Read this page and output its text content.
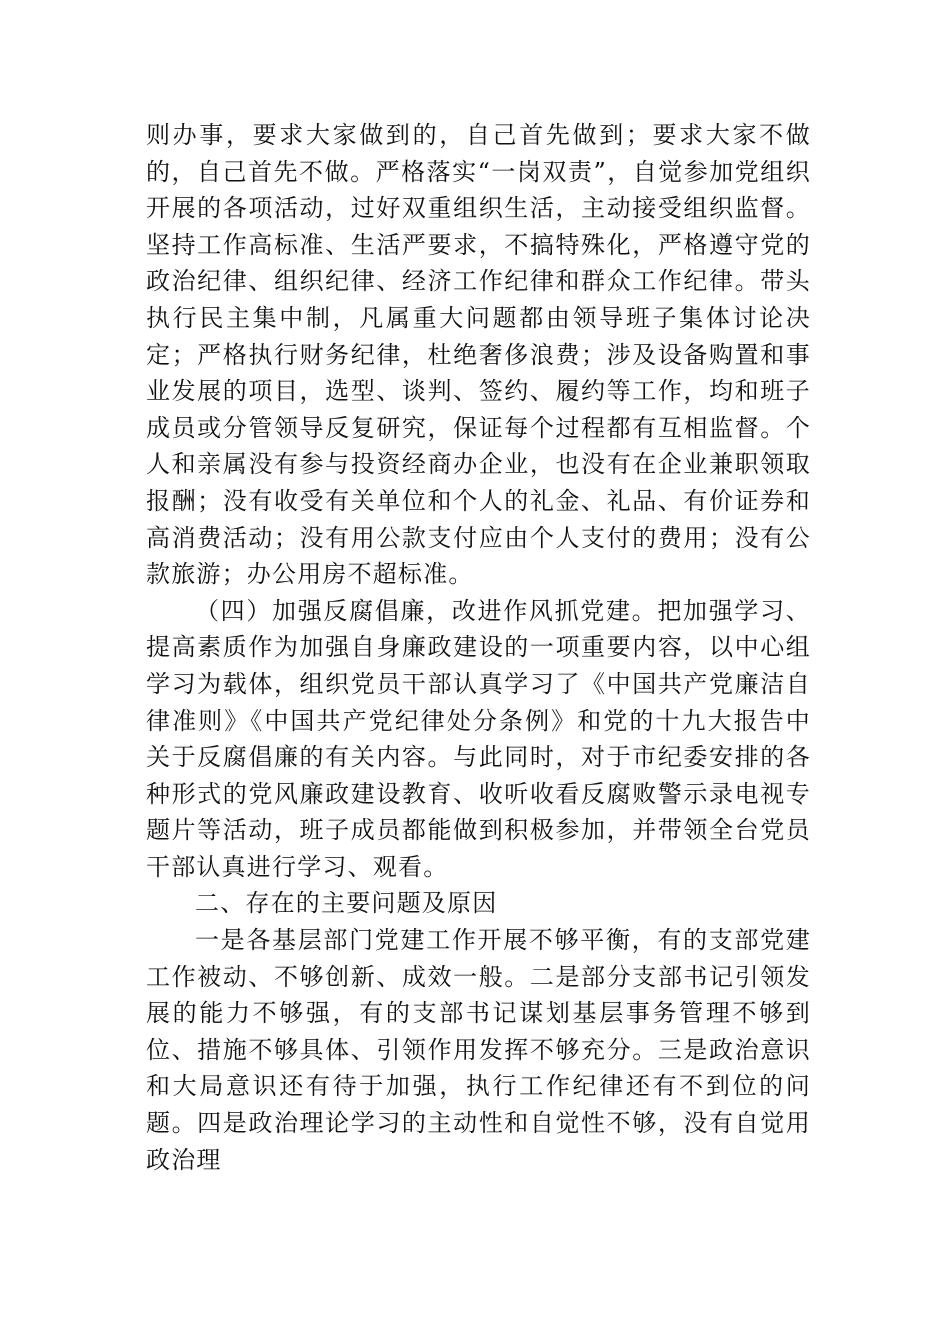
则办事，要求大家做到的，自己首先做到；要求大家不做的，自己首先不做。严格落实“一岗双责”，自觉参加党组织开展的各项活动，过好双重组织生活，主动接受组织监督。坚持工作高标准、生活严要求，不搞特殊化，严格遵守党的政治纪律、组织纪律、经济工作纪律和群众工作纪律。带头执行民主集中制，凡属重大问题都由领导班子集体讨论决定；严格执行财务纪律，杜绝奢侈浪费；涉及设备购置和事业发展的项目，选型、谈判、签约、履约等工作，均和班子成员或分管领导反复研究，保证每个过程都有互相监督。个人和亲属没有参与投资经商办企业，也没有在企业兼职领取报酬；没有收受有关单位和个人的礼金、礼品、有价证券和高消费活动；没有用公款支付应由个人支付的费用；没有公款旅游；办公用房不超标准。

（四）加强反腐倡廉，改进作风抓党建。把加强学习、提高素质作为加强自身廉政建设的一项重要内容，以中心组学习为载体，组织党员干部认真学习了《中国共产党廉洁自律准则》《中国共产党纪律处分条例》和党的十九大报告中关于反腐倡廉的有关内容。与此同时，对于市纪委安排的各种形式的党风廉政建设教育、收听收看反腐败警示录电视专题片等活动，班子成员都能做到积极参加，并带领全台党员干部认真进行学习、观看。

二、存在的主要问题及原因

一是各基层部门党建工作开展不够平衡，有的支部党建工作被动、不够创新、成效一般。二是部分支部书记引领发展的能力不够强，有的支部书记谋划基层事务管理不够到位、措施不够具体、引领作用发挥不够充分。三是政治意识和大局意识还有待于加强，执行工作纪律还有不到位的问题。四是政治理论学习的主动性和自觉性不够，没有自觉用政治理
